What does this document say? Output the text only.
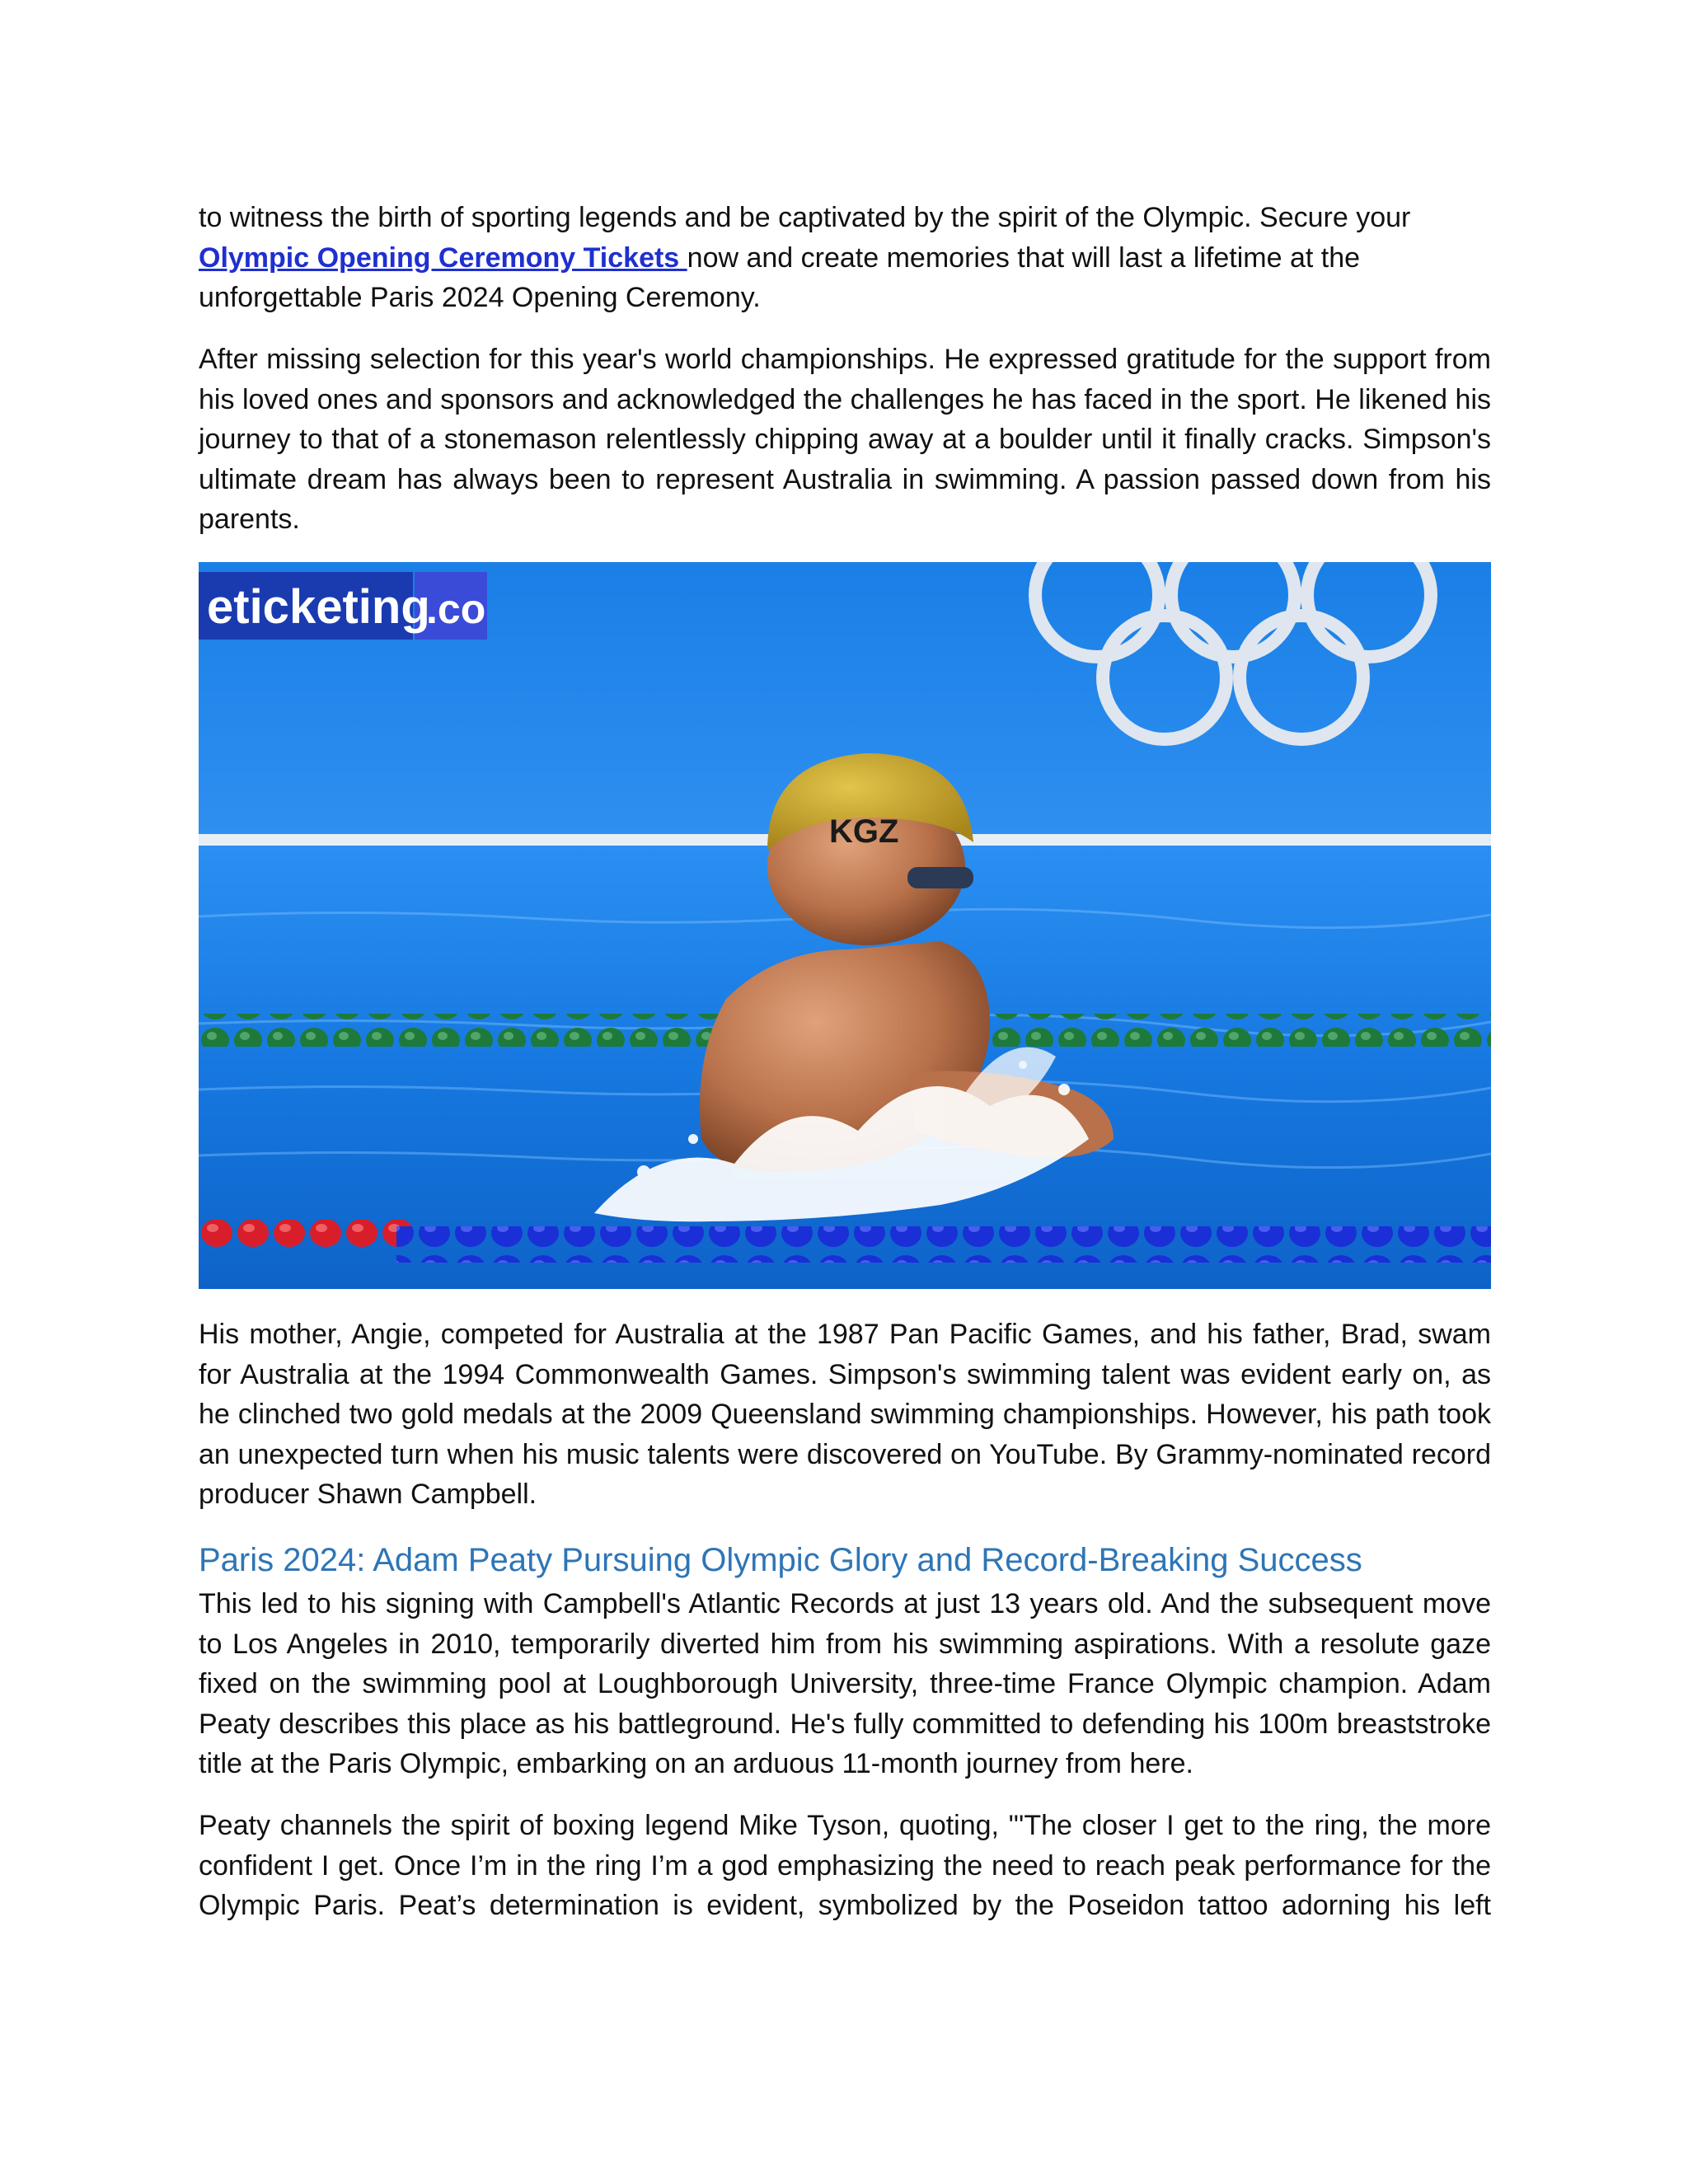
to witness the birth of sporting legends and be captivated by the spirit of the Olympic. Secure your
Olympic Opening Ceremony Tickets now and create memories that will last a lifetime at the unforgettable Paris 2024 Opening Ceremony.

After missing selection for this year's world championships. He expressed gratitude for the support from his loved ones and sponsors and acknowledged the challenges he has faced in the sport. He likened his journey to that of a stonemason relentlessly chipping away at a boulder until it finally cracks. Simpson's ultimate dream has always been to represent Australia in swimming. A passion passed down from his parents.

KGZ
eticketing
.co

His mother, Angie, competed for Australia at the 1987 Pan Pacific Games, and his father, Brad, swam for Australia at the 1994 Commonwealth Games. Simpson's swimming talent was evident early on, as he clinched two gold medals at the 2009 Queensland swimming championships. However, his path took an unexpected turn when his music talents were discovered on YouTube. By Grammy-nominated record producer Shawn Campbell.

Paris 2024: Adam Peaty Pursuing Olympic Glory and Record-Breaking Success

This led to his signing with Campbell's Atlantic Records at just 13 years old. And the subsequent move to Los Angeles in 2010, temporarily diverted him from his swimming aspirations. With a resolute gaze fixed on the swimming pool at Loughborough University, three-time France Olympic champion. Adam Peaty describes this place as his battleground. He's fully committed to defending his 100m breaststroke title at the Paris Olympic, embarking on an arduous 11-month journey from here.

Peaty channels the spirit of boxing legend Mike Tyson, quoting, "'The closer I get to the ring, the more confident I get. Once I’m in the ring I’m a god emphasizing the need to reach peak performance for the Olympic Paris. Peat’s determination is evident, symbolized by the Poseidon tattoo adorning his left
